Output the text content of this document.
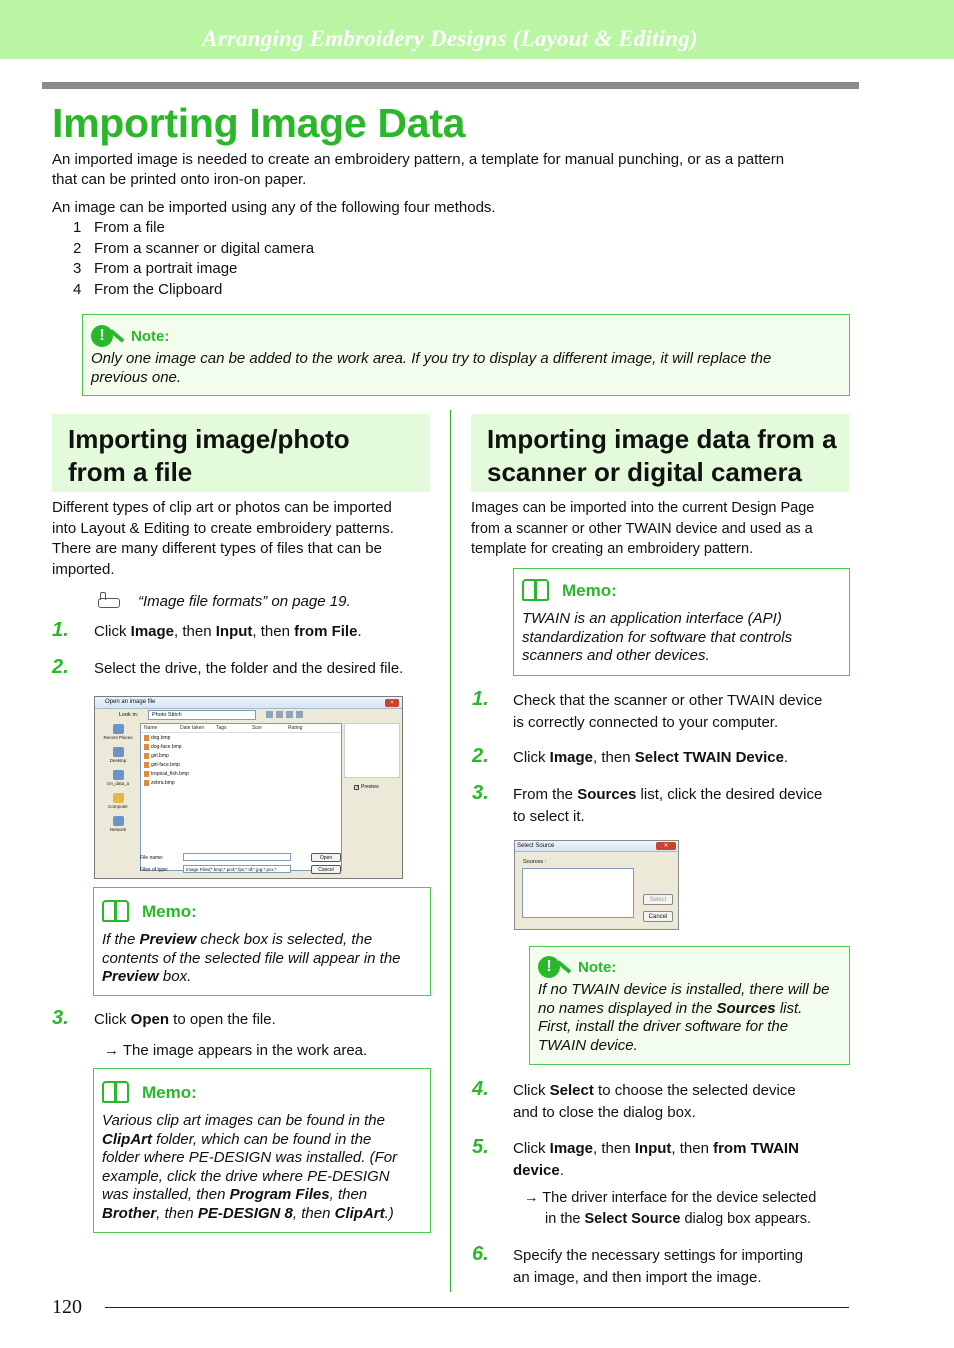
Arranging Embroidery Designs (Layout & Editing)
Importing Image Data
An imported image is needed to create an embroidery pattern, a template for manual punching, or as a pattern
that can be printed onto iron-on paper.
An image can be imported using any of the following four methods.
1 From a file
2 From a scanner or digital camera
3 From a portrait image
4 From the Clipboard
!	Note:
Only one image can be added to the work area. If you try to display a different image, it will replace the
previous one.
Importing image/photo
from a file
Importing image data from a
scanner or digital camera
Different types of clip art or photos can be imported
into Layout & Editing to create embroidery patterns.
There are many different types of files that can be
imported.
“Image file formats” on page 19.
1. Click Image, then Input, then from File.
2. Select the drive, the folder and the desired file.
Open an image file	×
Look in:	Photo Stitch
Recent Places
Desktop
cm_data_a
Computer
Network
Name	Date taken	Tags	Size	Rating
dog.bmp
dog-face.bmp
girl.bmp
girl-face.bmp
tropical_fish.bmp
zebra.bmp
✓ Preview
File name:
Files of type:	Image Files(*.bmp;*.pcd;*.fpx;*.tif;*.jpg;*.pcx;*.
Open
Cancel
Memo:
If the Preview check box is selected, the
contents of the selected file will appear in the
Preview box.
3. Click Open to open the file.
→ The image appears in the work area.
Memo:
Various clip art images can be found in the
ClipArt folder, which can be found in the
folder where PE-DESIGN was installed. (For
example, click the drive where PE-DESIGN
was installed, then Program Files, then
Brother, then PE-DESIGN 8, then ClipArt.)
Images can be imported into the current Design Page
from a scanner or other TWAIN device and used as a
template for creating an embroidery pattern.
Memo:
TWAIN is an application interface (API)
standardization for software that controls
scanners and other devices.
1. Check that the scanner or other TWAIN device
is correctly connected to your computer.
2. Click Image, then Select TWAIN Device.
3. From the Sources list, click the desired device
to select it.
Select Source	✕
Sources :
Select
Cancel
!	Note:
If no TWAIN device is installed, there will be
no names displayed in the Sources list.
First, install the driver software for the
TWAIN device.
4. Click Select to choose the selected device
and to close the dialog box.
5. Click Image, then Input, then from TWAIN
device.
→ The driver interface for the device selected
in the Select Source dialog box appears.
6. Specify the necessary settings for importing
an image, and then import the image.
120
